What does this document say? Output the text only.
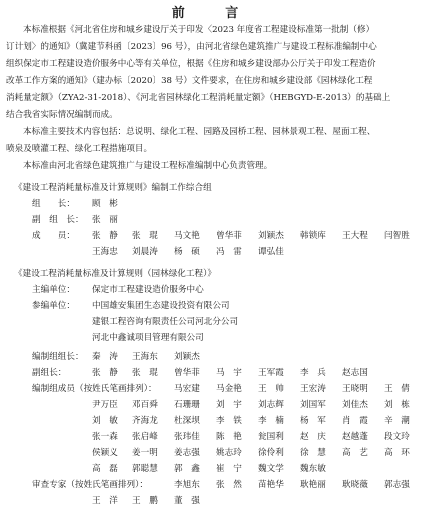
前 言

本标准根据《河北省住房和城乡建设厅关于印发〈2023 年度省工程建设标准第一批制（修）

订计划〉的通知》（冀建节科函〔2023〕96 号），由河北省绿色建筑推广与建设工程标准编制中心

组织保定市工程建设造价服务中心等有关单位，根据《住房和城乡建设部办公厅关于印发工程造价

改革工作方案的通知》（建办标〔2020〕38 号）文件要求，在住房和城乡建设部《园林绿化工程

消耗量定额》（ZYA2-31-2018）、《河北省园林绿化工程消耗量定额》（HEBGYD-E-2013）的基础上

结合我省实际情况编制而成。

本标准主要技术内容包括：总说明、绿化工程、园路及园桥工程、园林景观工程、屋面工程、

喷泉及喷灌工程、绿化工程措施项目。

本标准由河北省绿色建筑推广与建设工程标准编制中心负责管理。

《建设工程消耗量标准及计算规则》编制工作综合组
组　　长： 顾　彬
副　组　长： 张　丽
成　　员： 张　静 张　琨 马文艳 曾华菲 刘颖杰 韩锁库 王大程 闫智胜
王海忠 刘晨涛 杨　硕 冯　雷 谭弘佳
《建设工程消耗量标准及计算规则（园林绿化工程）》
主编单位： 保定市工程建设造价服务中心
参编单位： 中国雄安集团生态建设投资有限公司
建银工程咨询有限责任公司河北分公司
河北中鑫诚项目管理有限公司
编制组组长： 秦　涛 王海东 刘颖杰
副组长：	张　静 张　琨 曾华菲 马　宇 王军霞 李　兵 赵志国
编制组成员（按姓氏笔画排列）： 马宏建 马金艳 王　帅 王宏涛 王晓明 王　倩
尹万臣 邓百舜 石珊珊 刘　宇 刘志辉 刘国军 刘佳杰 刘　栋
刘　敏 齐海龙 杜深坝 李　铁 李　楠 杨　军 肖　霞 辛　潮
张一森 张启峰 张玮佳 陈　艳 瓮国利 赵　庆 赵越蓬 段文玲
侯颖义 姜一明 姜志强 姚志玲 徐伶利 徐　慧 高　艺 高　环
高　磊 郭聪慧 郭　鑫 崔　宁 魏文学 魏东敏
审查专家（按姓氏笔画排列）：	李旭东 张　然 苗艳华 耿艳丽 耿晓薇 郭志强
王　洋 王　鹏 董　强
